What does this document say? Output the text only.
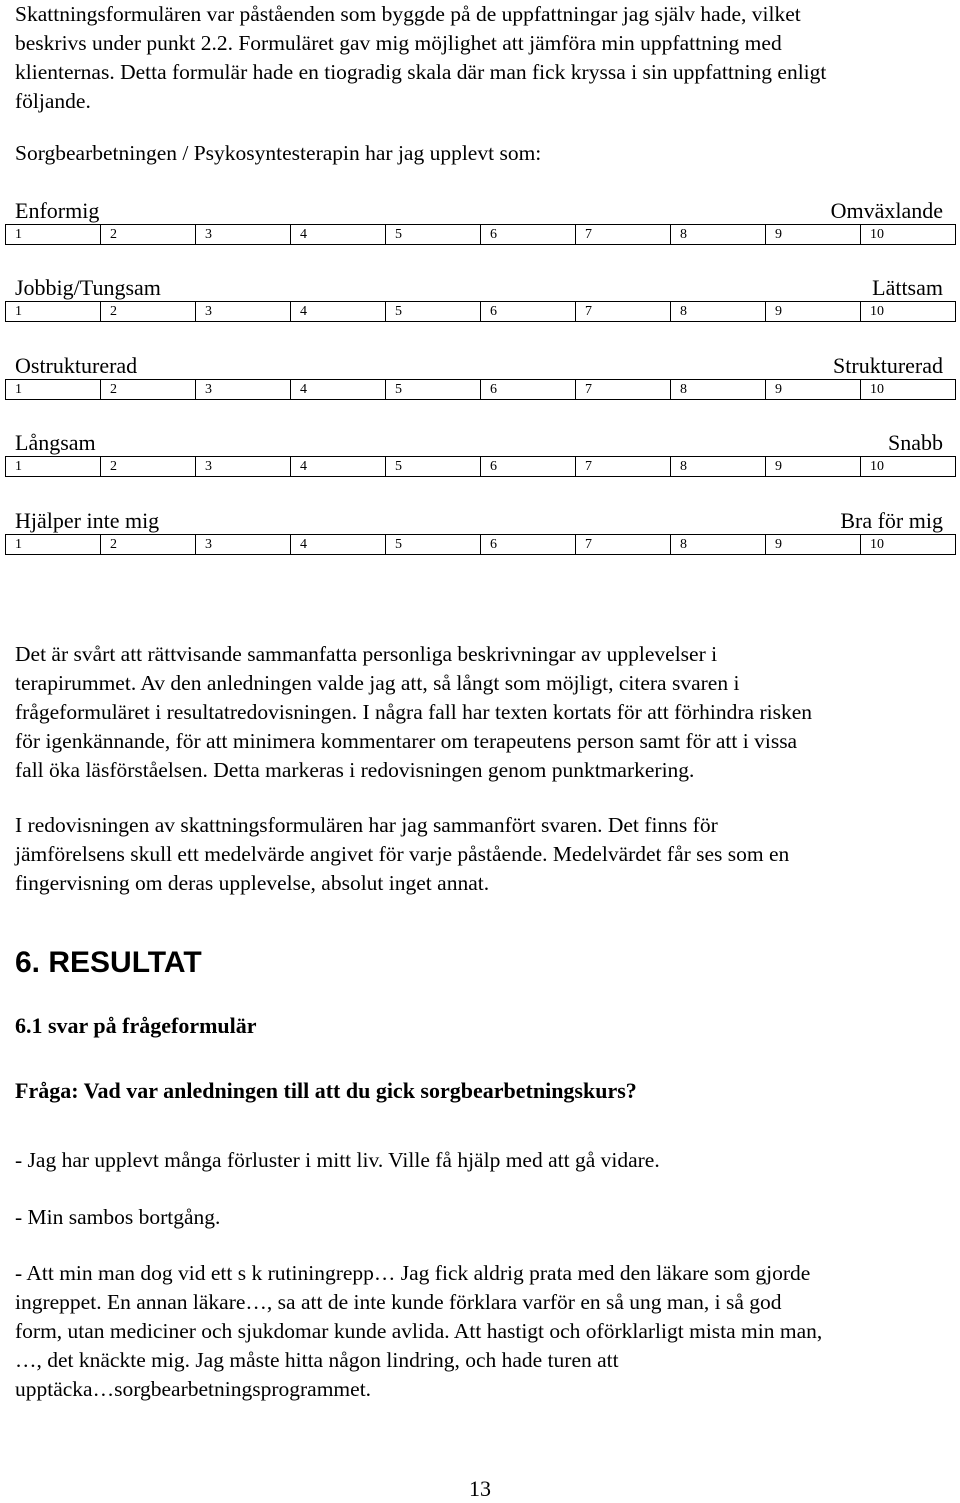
Skattningsformulären var påståenden som byggde på de uppfattningar jag själv hade, vilket
beskrivs under punkt 2.2. Formuläret gav mig möjlighet att jämföra min uppfattning med
klienternas. Detta formulär hade en tiogradig skala där man fick kryssa i sin uppfattning enligt
följande.

Sorgbearbetningen / Psykosyntesterapin har jag upplevt som:

Enformig	Omväxlande
1	2	3	4	5	6	7	8	9	10
Jobbig/Tungsam	Lättsam
1	2	3	4	5	6	7	8	9	10
Ostrukturerad	Strukturerad
1	2	3	4	5	6	7	8	9	10
Långsam	Snabb
1	2	3	4	5	6	7	8	9	10
Hjälper inte mig	Bra för mig
1	2	3	4	5	6	7	8	9	10

Det är svårt att rättvisande sammanfatta personliga beskrivningar av upplevelser i
terapirummet. Av den anledningen valde jag att, så långt som möjligt, citera svaren i
frågeformuläret i resultatredovisningen. I några fall har texten kortats för att förhindra risken
för igenkännande, för att minimera kommentarer om terapeutens person samt för att i vissa
fall öka läsförståelsen. Detta markeras i redovisningen genom punktmarkering.

I redovisningen av skattningsformulären har jag sammanfört svaren. Det finns för
jämförelsens skull ett medelvärde angivet för varje påstående. Medelvärdet får ses som en
fingervisning om deras upplevelse, absolut inget annat.

6. RESULTAT
6.1 svar på frågeformulär
Fråga: Vad var anledningen till att du gick sorgbearbetningskurs?

- Jag har upplevt många förluster i mitt liv. Ville få hjälp med att gå vidare.

- Min sambos bortgång.

- Att min man dog vid ett s k rutiningrepp… Jag fick aldrig prata med den läkare som gjorde
ingreppet. En annan läkare…, sa att de inte kunde förklara varför en så ung man, i så god
form, utan mediciner och sjukdomar kunde avlida. Att hastigt och oförklarligt mista min man,
…, det knäckte mig. Jag måste hitta någon lindring, och hade turen att
upptäcka…sorgbearbetningsprogrammet.

13
